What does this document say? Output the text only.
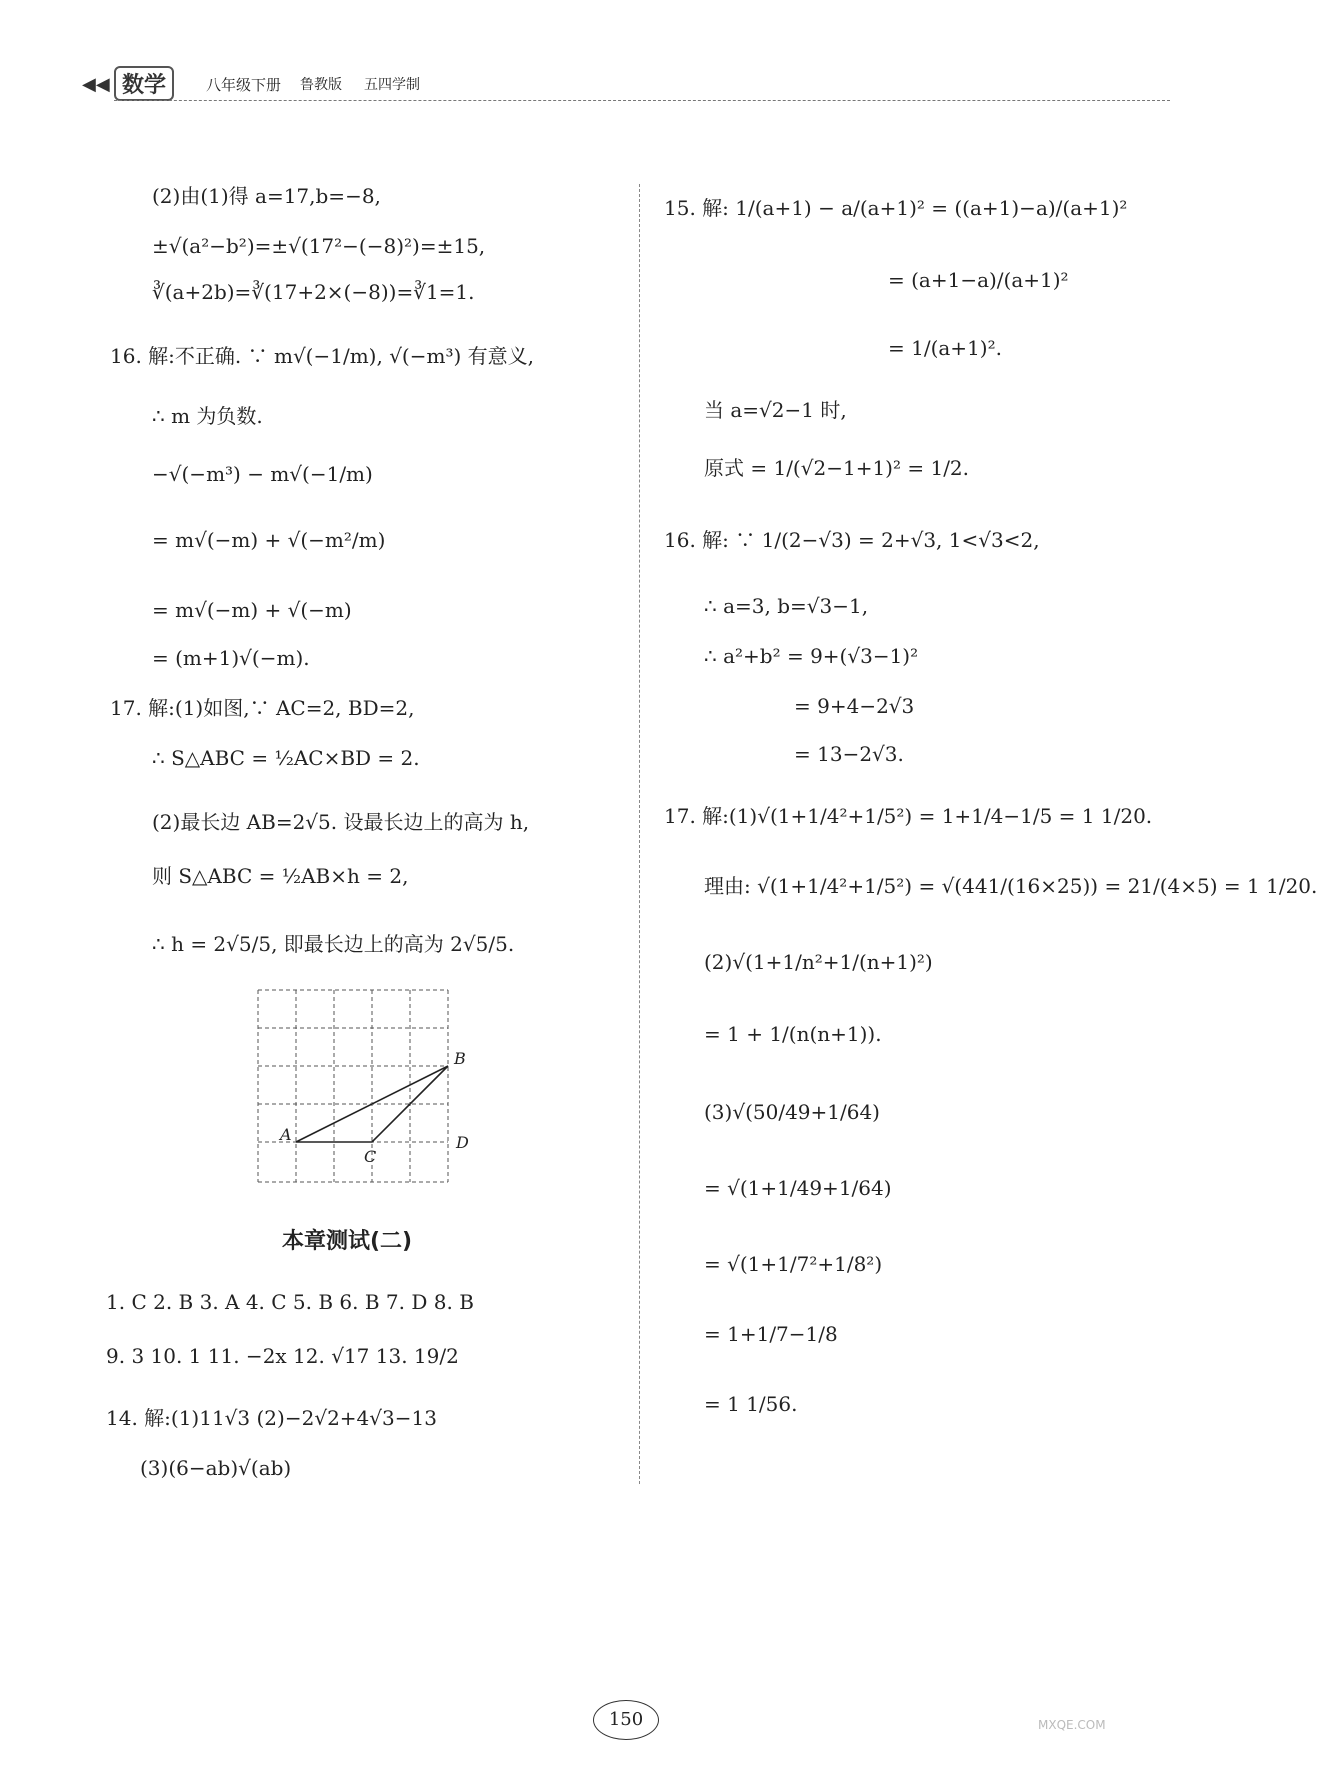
◀◀ 数学	八年级下册 鲁教版 五四学制
(2)由(1)得 a=17,b=−8,
±√(a²−b²)=±√(17²−(−8)²)=±15,
∛(a+2b)=∛(17+2×(−8))=∛1=1.
16. 解:不正确. ∵ m√(−1/m), √(−m³) 有意义,
∴ m 为负数.
−√(−m³) − m√(−1/m)
= m√(−m) + √(−m²/m)
= m√(−m) + √(−m)
= (m+1)√(−m).
17. 解:(1)如图,∵ AC=2, BD=2,
∴ S△ABC = ½AC×BD = 2.
(2)最长边 AB=2√5. 设最长边上的高为 h,
则 S△ABC = ½AB×h = 2,
∴ h = 2√5/5, 即最长边上的高为 2√5/5.
A
C
B
D
本章测试(二)
1. C 2. B 3. A 4. C 5. B 6. B 7. D 8. B
9. 3 10. 1 11. −2x 12. √17 13. 19/2
14. 解:(1)11√3 (2)−2√2+4√3−13
(3)(6−ab)√(ab)
15. 解: 1/(a+1) − a/(a+1)² = ((a+1)−a)/(a+1)²
= (a+1−a)/(a+1)²
= 1/(a+1)².
当 a=√2−1 时,
原式 = 1/(√2−1+1)² = 1/2.
16. 解: ∵ 1/(2−√3) = 2+√3, 1<√3<2,
∴ a=3, b=√3−1,
∴ a²+b² = 9+(√3−1)²
= 9+4−2√3
= 13−2√3.
17. 解:(1)√(1+1/4²+1/5²) = 1+1/4−1/5 = 1 1/20.
理由: √(1+1/4²+1/5²) = √(441/(16×25)) = 21/(4×5) = 1 1/20.
(2)√(1+1/n²+1/(n+1)²)
= 1 + 1/(n(n+1)).
(3)√(50/49+1/64)
= √(1+1/49+1/64)
= √(1+1/7²+1/8²)
= 1+1/7−1/8
= 1 1/56.
150	MXQE.COM
